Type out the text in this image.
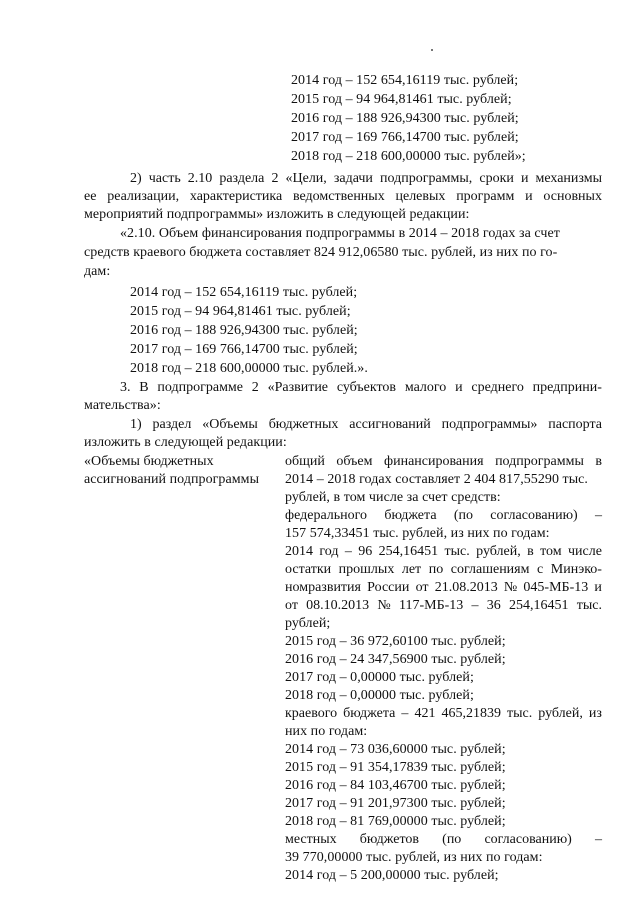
2014 год – 152 654,16119 тыс. рублей;
2015 год – 94 964,81461 тыс. рублей;
2016 год – 188 926,94300 тыс. рублей;
2017 год – 169 766,14700 тыс. рублей;
2018 год – 218 600,00000 тыс. рублей»;
2) часть 2.10 раздела 2 «Цели, задачи подпрограммы, сроки и механизмы
ее реализации, характеристика ведомственных целевых программ и основных
мероприятий подпрограммы» изложить в следующей редакции:
«2.10. Объем финансирования подпрограммы в 2014 – 2018 годах за счет
средств краевого бюджета составляет 824 912,06580 тыс. рублей, из них по го-
дам:
2014 год – 152 654,16119 тыс. рублей;
2015 год – 94 964,81461 тыс. рублей;
2016 год – 188 926,94300 тыс. рублей;
2017 год – 169 766,14700 тыс. рублей;
2018 год – 218 600,00000 тыс. рублей.».
3. В подпрограмме 2 «Развитие субъектов малого и среднего предприни-
мательства»:
1) раздел «Объемы бюджетных ассигнований подпрограммы» паспорта
изложить в следующей редакции:
«Объемы бюджетных
ассигнований подпрограммы
общий объем финансирования подпрограммы в
2014 – 2018 годах составляет 2 404 817,55290 тыс.
рублей, в том числе за счет средств:
федерального бюджета (по согласованию) –
157 574,33451 тыс. рублей, из них по годам:
2014 год – 96 254,16451 тыс. рублей, в том числе
остатки прошлых лет по соглашениям с Минэко-
номразвития России от 21.08.2013 № 045-МБ-13 и
от 08.10.2013 № 117-МБ-13 – 36 254,16451 тыс.
рублей;
2015 год – 36 972,60100 тыс. рублей;
2016 год – 24 347,56900 тыс. рублей;
2017 год – 0,00000 тыс. рублей;
2018 год – 0,00000 тыс. рублей;
краевого бюджета – 421 465,21839 тыс. рублей, из
них по годам:
2014 год – 73 036,60000 тыс. рублей;
2015 год – 91 354,17839 тыс. рублей;
2016 год – 84 103,46700 тыс. рублей;
2017 год – 91 201,97300 тыс. рублей;
2018 год – 81 769,00000 тыс. рублей;
местных бюджетов (по согласованию) –
39 770,00000 тыс. рублей, из них по годам:
2014 год – 5 200,00000 тыс. рублей;
